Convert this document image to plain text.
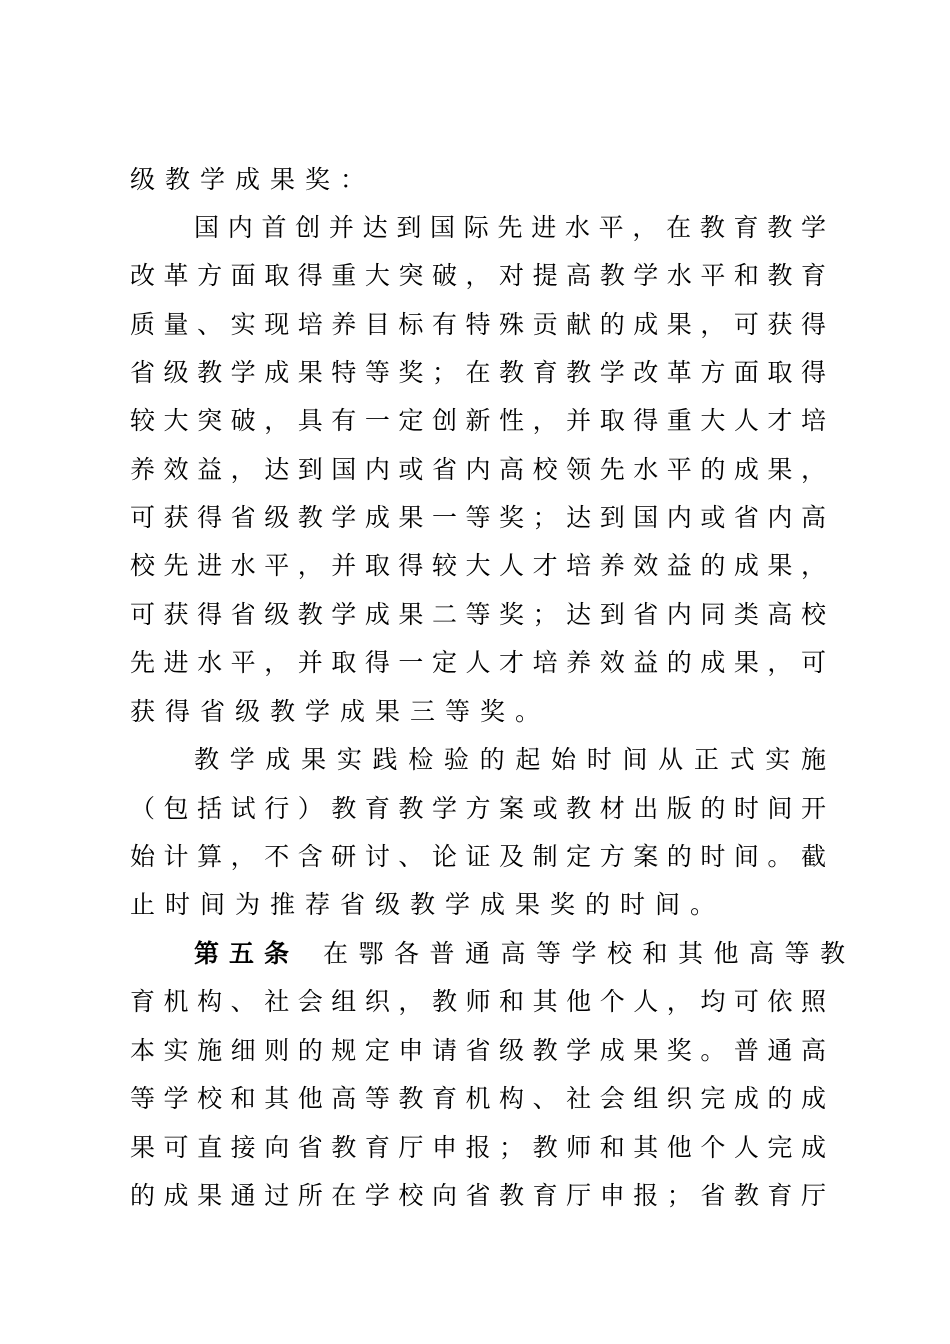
级教学成果奖：
国内首创并达到国际先进水平，在教育教学
改革方面取得重大突破，对提高教学水平和教育
质量、实现培养目标有特殊贡献的成果，可获得
省级教学成果特等奖；在教育教学改革方面取得
较大突破，具有一定创新性，并取得重大人才培
养效益，达到国内或省内高校领先水平的成果，
可获得省级教学成果一等奖；达到国内或省内高
校先进水平，并取得较大人才培养效益的成果，
可获得省级教学成果二等奖；达到省内同类高校
先进水平，并取得一定人才培养效益的成果，可
获得省级教学成果三等奖。
教学成果实践检验的起始时间从正式实施
（包括试行）教育教学方案或教材出版的时间开
始计算，不含研讨、论证及制定方案的时间。截
止时间为推荐省级教学成果奖的时间。
第五条 在鄂各普通高等学校和其他高等教
育机构、社会组织，教师和其他个人，均可依照
本实施细则的规定申请省级教学成果奖。普通高
等学校和其他高等教育机构、社会组织完成的成
果可直接向省教育厅申报；教师和其他个人完成
的成果通过所在学校向省教育厅申报；省教育厅
